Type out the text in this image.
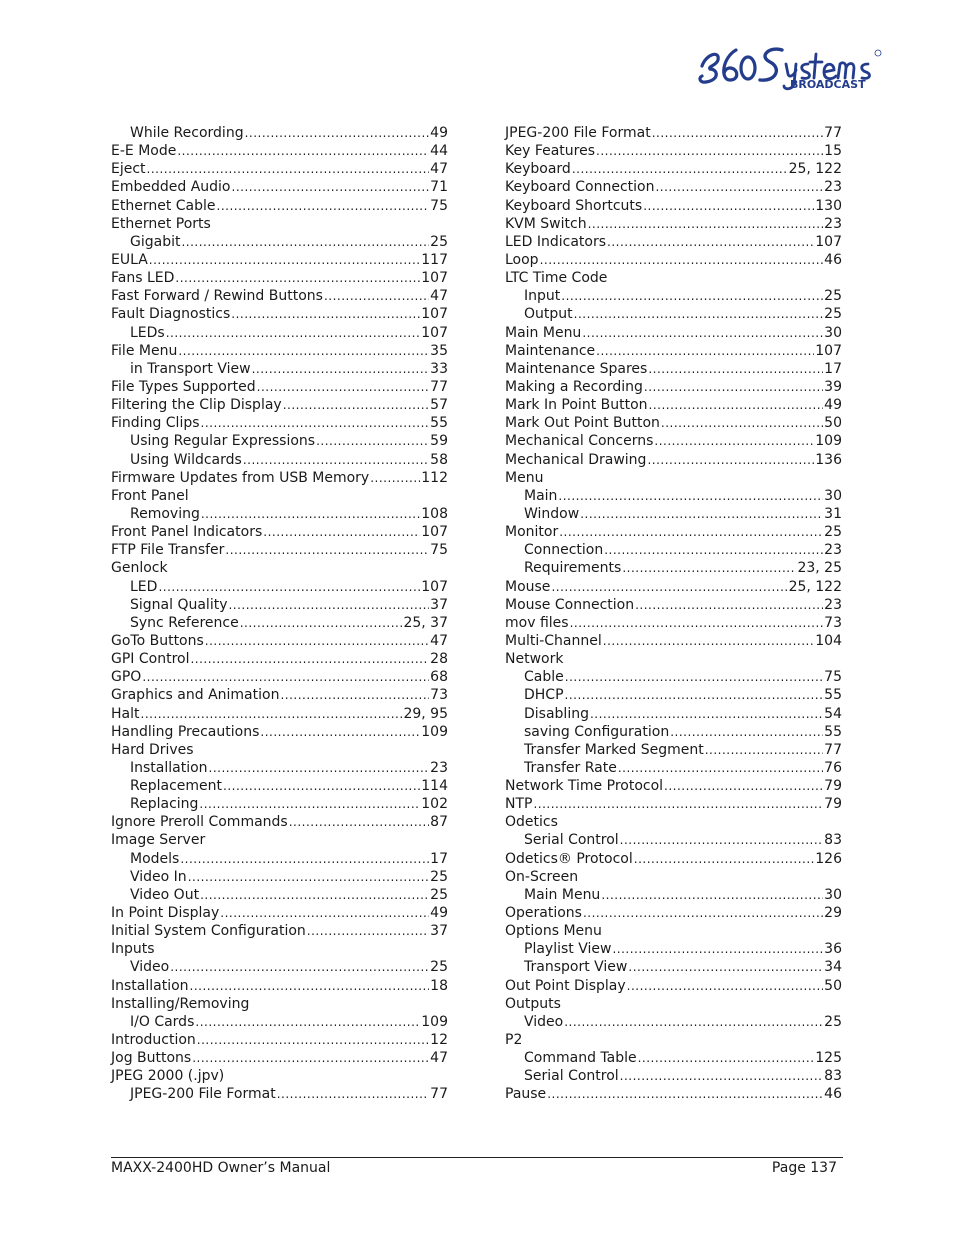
BROADCAST
While Recording .....	49
E-E Mode .....	44
Eject .....	47
Embedded Audio .....	71
Ethernet Cable .....	75
Ethernet Ports
Gigabit .....	25
EULA .....	117
Fans LED .....	107
Fast Forward / Rewind Buttons .....	47
Fault Diagnostics .....	107
LEDs .....	107
File Menu .....	35
in Transport View .....	33
File Types Supported .....	77
Filtering the Clip Display .....	57
Finding Clips .....	55
Using Regular Expressions .....	59
Using Wildcards .....	58
Firmware Updates from USB Memory .....	112
Front Panel
Removing .....	108
Front Panel Indicators .....	107
FTP File Transfer .....	75
Genlock
LED .....	107
Signal Quality .....	37
Sync Reference .....	25, 37
GoTo Buttons .....	47
GPI Control .....	28
GPO .....	68
Graphics and Animation .....	73
Halt .....	29, 95
Handling Precautions .....	109
Hard Drives
Installation .....	23
Replacement .....	114
Replacing .....	102
Ignore Preroll Commands .....	87
Image Server
Models .....	17
Video In .....	25
Video Out .....	25
In Point Display .....	49
Initial System Configuration .....	37
Inputs
Video .....	25
Installation .....	18
Installing/Removing
I/O Cards .....	109
Introduction .....	12
Jog Buttons .....	47
JPEG 2000 (.jpv)
JPEG-200 File Format .....	77
JPEG-200 File Format .....	77
Key Features .....	15
Keyboard .....	25, 122
Keyboard Connection .....	23
Keyboard Shortcuts .....	130
KVM Switch .....	23
LED Indicators .....	107
Loop .....	46
LTC Time Code
Input .....	25
Output .....	25
Main Menu .....	30
Maintenance .....	107
Maintenance Spares .....	17
Making a Recording .....	39
Mark In Point Button .....	49
Mark Out Point Button .....	50
Mechanical Concerns .....	109
Mechanical Drawing .....	136
Menu
Main .....	30
Window .....	31
Monitor .....	25
Connection .....	23
Requirements .....	23, 25
Mouse .....	25, 122
Mouse Connection .....	23
mov files .....	73
Multi-Channel .....	104
Network
Cable .....	75
DHCP .....	55
Disabling .....	54
saving Configuration .....	55
Transfer Marked Segment .....	77
Transfer Rate .....	76
Network Time Protocol .....	79
NTP .....	79
Odetics
Serial Control .....	83
Odetics® Protocol .....	126
On-Screen
Main Menu .....	30
Operations .....	29
Options Menu
Playlist View .....	36
Transport View .....	34
Out Point Display .....	50
Outputs
Video .....	25
P2
Command Table .....	125
Serial Control .....	83
Pause .....	46
MAXX-2400HD Owner’s Manual	Page 137
